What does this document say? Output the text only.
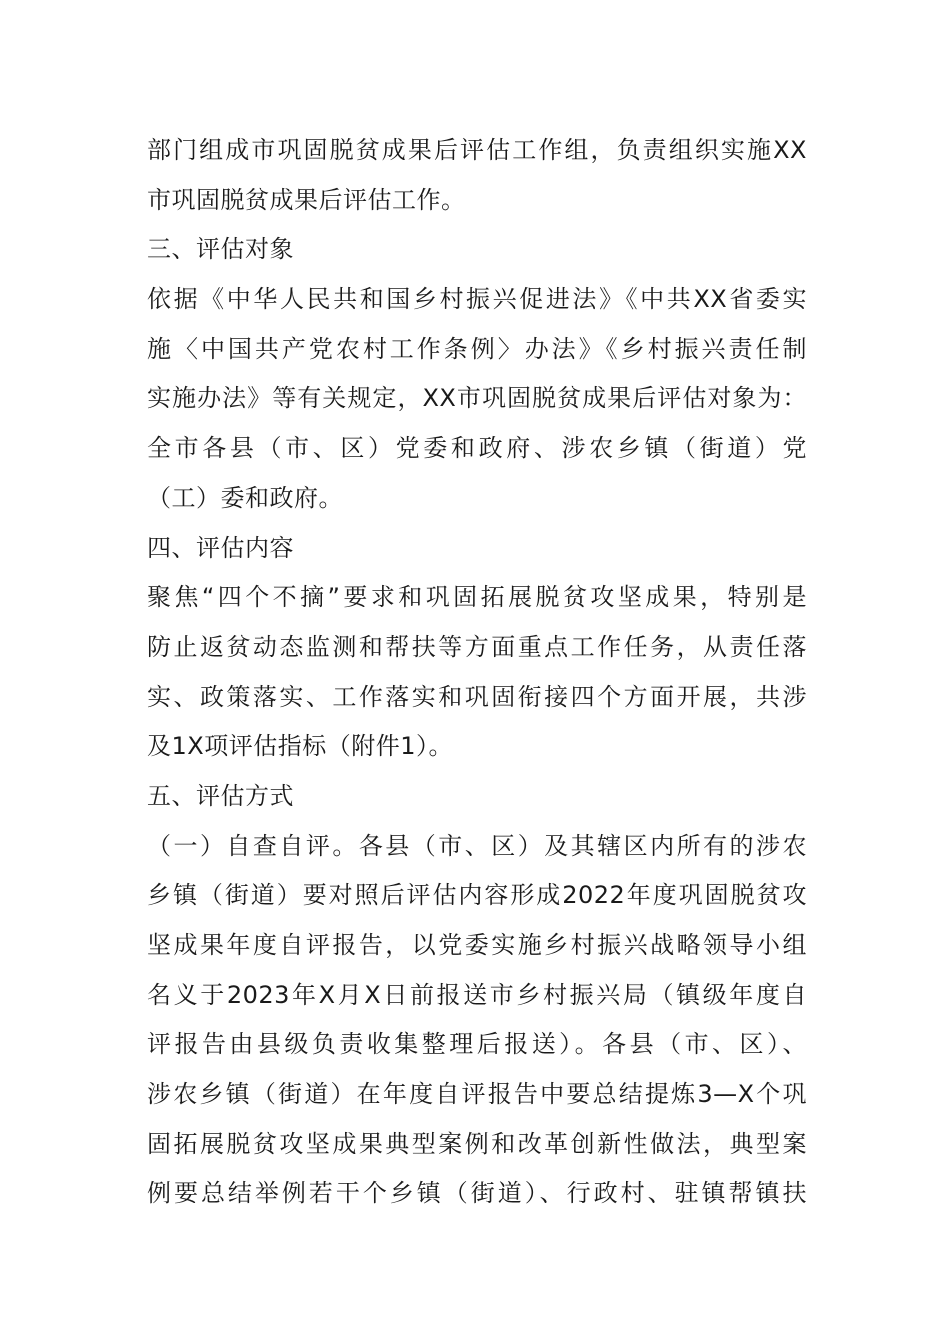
部门组成市巩固脱贫成果后评估工作组，负责组织实施XX
市巩固脱贫成果后评估工作。
三、评估对象
依据《中华人民共和国乡村振兴促进法》《中共XX省委实
施〈中国共产党农村工作条例〉办法》《乡村振兴责任制
实施办法》等有关规定，XX市巩固脱贫成果后评估对象为：
全市各县（市、区）党委和政府、涉农乡镇（街道）党
（工）委和政府。
四、评估内容
聚焦“四个不摘”要求和巩固拓展脱贫攻坚成果，特别是
防止返贫动态监测和帮扶等方面重点工作任务，从责任落
实、政策落实、工作落实和巩固衔接四个方面开展，共涉
及1X项评估指标（附件1）。
五、评估方式
（一）自查自评。各县（市、区）及其辖区内所有的涉农
乡镇（街道）要对照后评估内容形成2022年度巩固脱贫攻
坚成果年度自评报告，以党委实施乡村振兴战略领导小组
名义于2023年X月X日前报送市乡村振兴局（镇级年度自
评报告由县级负责收集整理后报送）。各县（市、区）、
涉农乡镇（街道）在年度自评报告中要总结提炼3—X个巩
固拓展脱贫攻坚成果典型案例和改革创新性做法，典型案
例要总结举例若干个乡镇（街道）、行政村、驻镇帮镇扶
